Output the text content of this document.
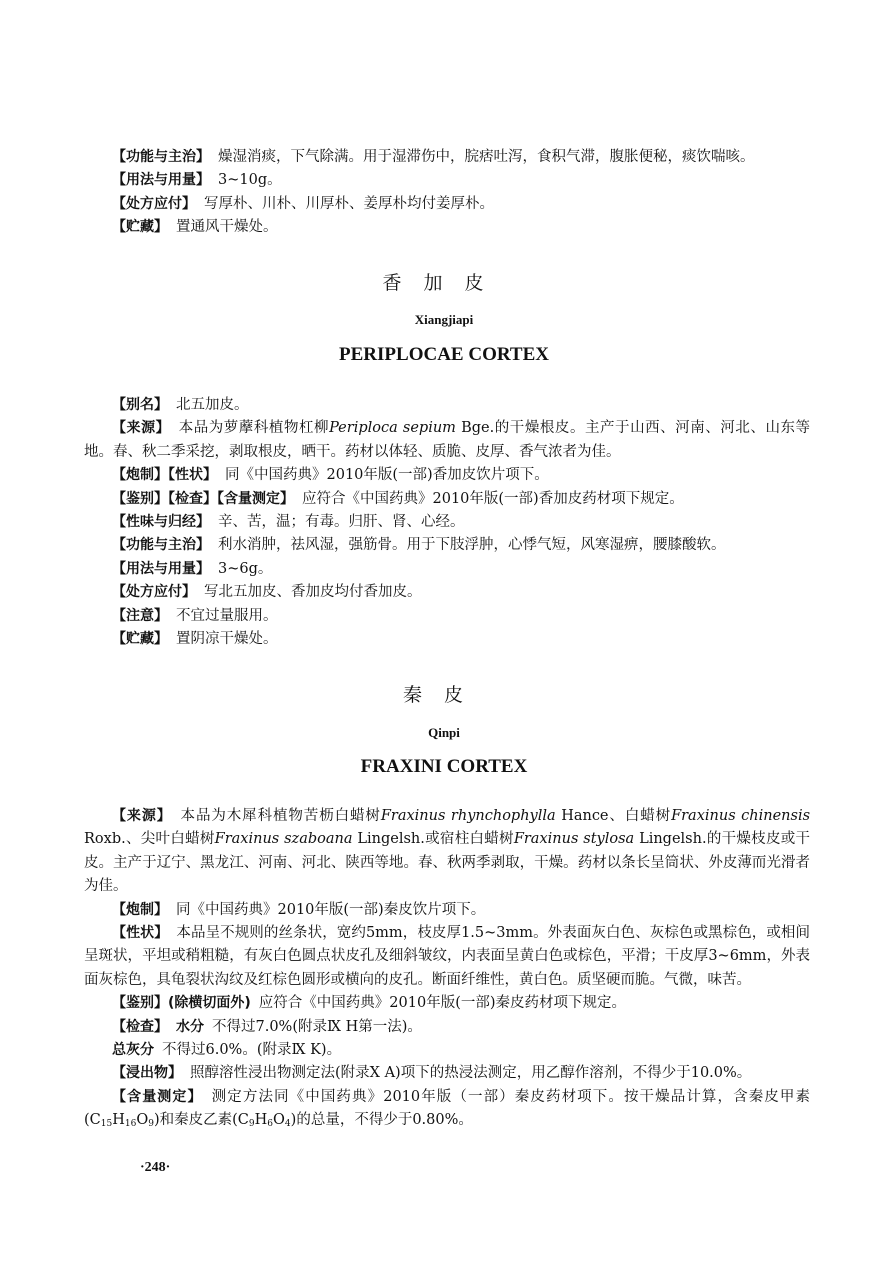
【功能与主治】 燥湿消痰，下气除满。用于湿滞伤中，脘痞吐泻，食积气滞，腹胀便秘，痰饮喘咳。

【用法与用量】 3~10g。

【处方应付】 写厚朴、川朴、川厚朴、姜厚朴均付姜厚朴。

【贮藏】 置通风干燥处。

香加皮
Xiangjiapi
PERIPLOCAE CORTEX

【别名】 北五加皮。

【来源】 本品为萝藦科植物杠柳Periploca sepium Bge.的干燥根皮。主产于山西、河南、河北、山东等地。春、秋二季采挖，剥取根皮，晒干。药材以体轻、质脆、皮厚、香气浓者为佳。

【炮制】【性状】 同《中国药典》2010年版(一部)香加皮饮片项下。

【鉴别】【检查】【含量测定】 应符合《中国药典》2010年版(一部)香加皮药材项下规定。

【性味与归经】 辛、苦，温；有毒。归肝、肾、心经。

【功能与主治】 利水消肿，祛风湿，强筋骨。用于下肢浮肿，心悸气短，风寒湿痹，腰膝酸软。

【用法与用量】 3~6g。

【处方应付】 写北五加皮、香加皮均付香加皮。

【注意】 不宜过量服用。

【贮藏】 置阴凉干燥处。

秦皮
Qinpi
FRAXINI CORTEX

【来源】 本品为木犀科植物苦枥白蜡树Fraxinus rhynchophylla Hance、白蜡树Fraxinus chinensis Roxb.、尖叶白蜡树Fraxinus szaboana Lingelsh.或宿柱白蜡树Fraxinus stylosa Lingelsh.的干燥枝皮或干皮。主产于辽宁、黑龙江、河南、河北、陕西等地。春、秋两季剥取，干燥。药材以条长呈筒状、外皮薄而光滑者为佳。

【炮制】 同《中国药典》2010年版(一部)秦皮饮片项下。

【性状】 本品呈不规则的丝条状，宽约5mm，枝皮厚1.5~3mm。外表面灰白色、灰棕色或黑棕色，或相间呈斑状，平坦或稍粗糙，有灰白色圆点状皮孔及细斜皱纹，内表面呈黄白色或棕色，平滑；干皮厚3~6mm，外表面灰棕色，具龟裂状沟纹及红棕色圆形或横向的皮孔。断面纤维性，黄白色。质坚硬而脆。气微，味苦。

【鉴别】(除横切面外) 应符合《中国药典》2010年版(一部)秦皮药材项下规定。

【检查】 水分 不得过7.0%(附录Ⅸ H第一法)。

总灰分 不得过6.0%。(附录Ⅸ K)。

【浸出物】 照醇溶性浸出物测定法(附录X A)项下的热浸法测定，用乙醇作溶剂，不得少于10.0%。

【含量测定】 测定方法同《中国药典》2010年版（一部）秦皮药材项下。按干燥品计算，含秦皮甲素$(C_{15}H_{16}O_9)$和秦皮乙素$(C_9H_6O_4)$的总量，不得少于0.80%。

·248·
